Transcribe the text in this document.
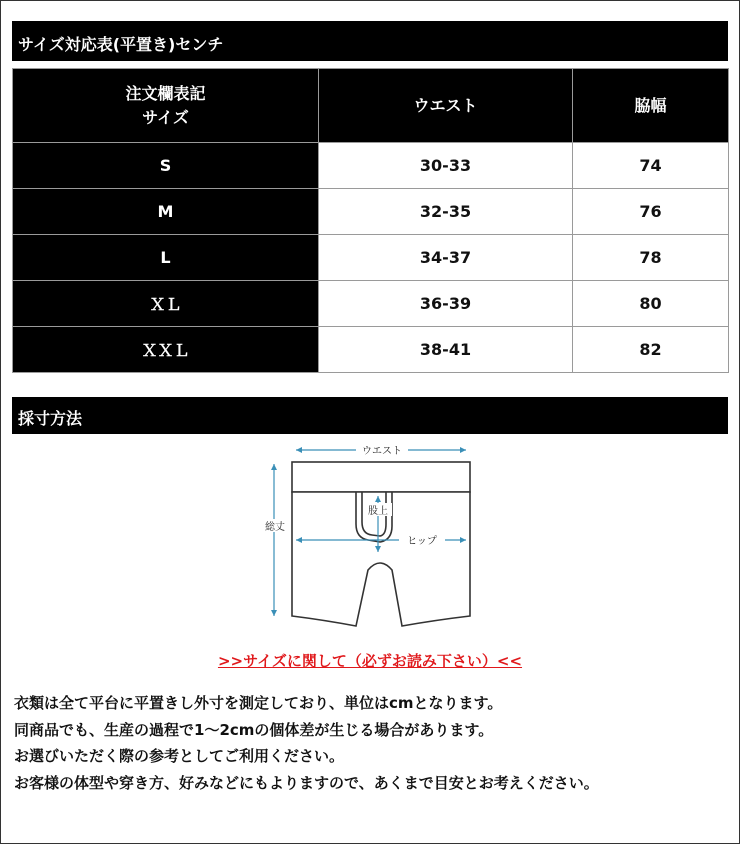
サイズ対応表(平置き)センチ
注文欄表記
サイズ	ウエスト	脇幅
S	30-33	74
M	32-35	76
L	34-37	78
ＸＬ	36-39	80
ＸＸＬ	38-41	82
採寸方法
ウエスト
股上
ヒップ
総丈
>>サイズに関して（必ずお読み下さい）<<
衣類は全て平台に平置きし外寸を測定しており、単位はcmとなります。
同商品でも、生産の過程で1〜2cmの個体差が生じる場合があります。
お選びいただく際の参考としてご利用ください。
お客様の体型や穿き方、好みなどにもよりますので、あくまで目安とお考えください。
